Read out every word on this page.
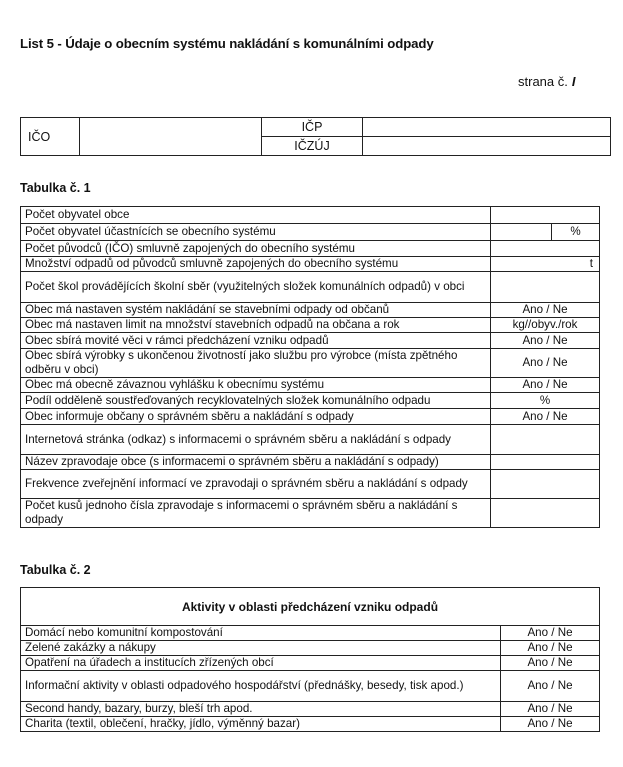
List 5 - Údaje o obecním systému nakládání s komunálními odpady
strana č. I
IČO		IČP	
		IČZÚJ	
Tabulka č. 1
Počet obyvatel obce		
Počet obyvatel účastnících se obecního systému		%
Počet původců (IČO) smluvně zapojených do obecního systému		
Množství odpadů od původců smluvně zapojených do obecního systému	t	
Počet škol provádějících školní sběr (využitelných složek komunálních odpadů) v obci		
Obec má nastaven systém nakládání se stavebními odpady od občanů	Ano / Ne	
Obec má nastaven limit na množství stavebních odpadů na občana a rok	kg//obyv./rok	
Obec sbírá movité věci v rámci předcházení vzniku odpadů	Ano / Ne	
Obec sbírá výrobky s ukončenou životností jako službu pro výrobce (místa zpětného odběru v obci)	Ano / Ne	
Obec má obecně závaznou vyhlášku k obecnímu systému	Ano / Ne	
Podíl odděleně soustřeďovaných recyklovatelných složek komunálního odpadu	%	
Obec informuje občany o správném sběru a nakládání s odpady	Ano / Ne	
Internetová stránka (odkaz) s informacemi o správném sběru a nakládání s odpady		
Název zpravodaje obce (s informacemi o správném sběru a nakládání s odpady)		
Frekvence zveřejnění informací ve zpravodaji o správném sběru a nakládání s odpady		
Počet kusů jednoho čísla zpravodaje s informacemi o správném sběru a nakládání s odpady		
Tabulka č. 2
Aktivity v oblasti předcházení vzniku odpadů	
Domácí nebo komunitní kompostování	Ano / Ne
Zelené zakázky a nákupy	Ano / Ne
Opatření na úřadech a institucích zřízených obcí	Ano / Ne
Informační aktivity v oblasti odpadového hospodářství (přednášky, besedy, tisk apod.)	Ano / Ne
Second handy, bazary, burzy, bleší trh apod.	Ano / Ne
Charita (textil, oblečení, hračky, jídlo, výměnný bazar)	Ano / Ne
